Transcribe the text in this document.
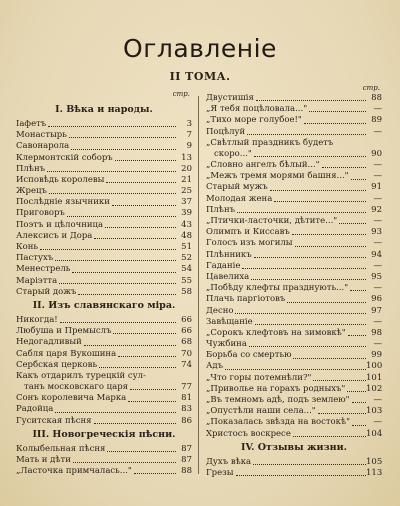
Оглавленіе
II ТОМА.
стр.
I. Вѣка и народы.
Іафетъ	3
Монастырь	7
Савонарола	9
Клермонтскій соборъ	13
Плѣнъ	20
Исповѣдь королевы	21
Жрецъ	25
Послѣдніе язычники	37
Приговоръ	39
Поэтъ и цѣлочница	43
Алексисъ и Дора	48
Конь	51
Пастухъ	52
Менестрель	54
Маріэтта	55
Старый дожъ	58
II. Изъ славянскаго міра.
Никогда!	66
Любуша и Премыслъ	66
Недогадливый	68
Сабля царя Вукошина	70
Сербская церковь	74
Какъ отдарилъ турецкій сул-
танъ московскаго царя	77
Сонъ королевича Марка	81
Радойца	83
Гуситская пѣсня	86
III. Новогреческія пѣсни.
Колыбельная пѣсня	87
Мать и дѣти	87
„Ласточка примчалась..."	88
стр.
Двустишія	88
„Я тебя поцѣловала..."	—
„Тихо море голубое!"	89
Поцѣлуй	—
„Свѣтлый праздникъ будетъ
скоро..."	90
„Словно ангелъ бѣлый..."	—
„Межъ тремя морями башня..."	—
Старый мужъ	91
Молодая жена	—
Плѣнъ	92
„Птички-ласточки, дѣтите..."	—
Олимпъ и Киссавъ	93
Голосъ изъ могилы	—
Плѣнникъ	94
Гаданіе	—
Цавелиха	95
„Побѣду клефты празднують..."	—
Плачь паргіотовъ	96
Десно	97
Завѣщаніе	—
„Сорокъ клефтовъ на зимовкѣ"	98
Чужбина	—
Борьба со смертью	99
Адъ	100
„Что горы потемнѣли?"	101
„Приволье на горахъ родныхъ" 102
„Въ темномъ адѣ, подъ землею"	—
„Опустѣли наши села..."	103
„Показалась звѣзда на востокѣ"	—
Христосъ воскресе	104
IV. Отзывы жизни.
Духъ вѣка	105
Грезы	113
